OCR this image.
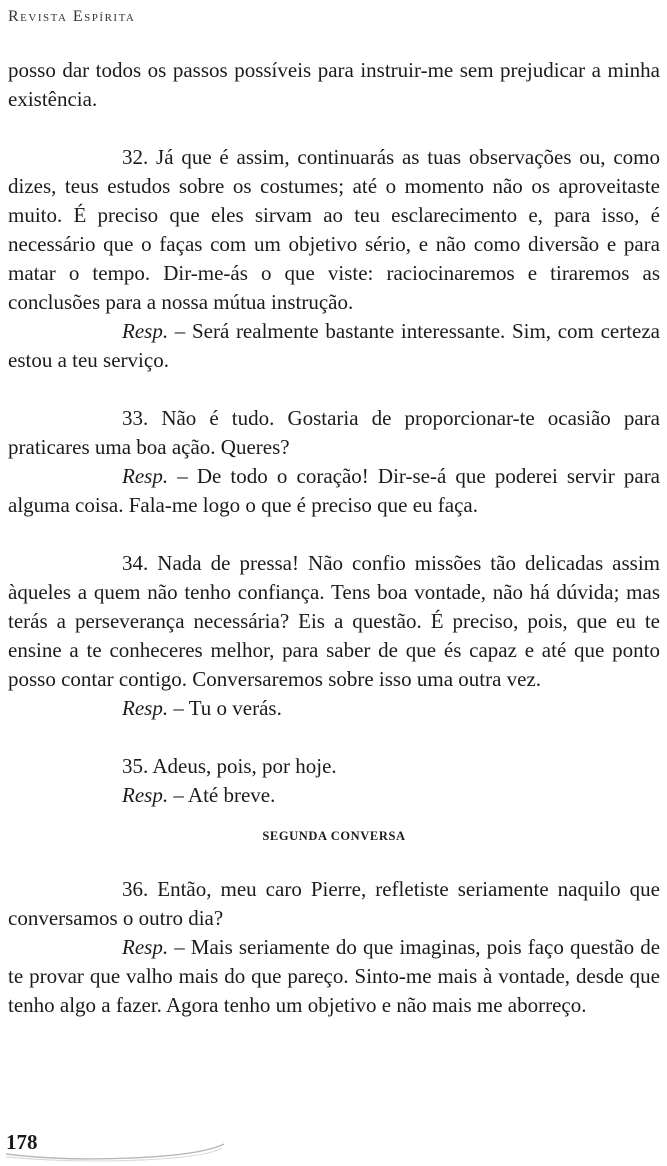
Revista Espírita

posso dar todos os passos possíveis para instruir-me sem prejudicar a minha existência.

32. Já que é assim, continuarás as tuas observações ou, como dizes, teus estudos sobre os costumes; até o momento não os aproveitaste muito. É preciso que eles sirvam ao teu esclarecimento e, para isso, é necessário que o faças com um objetivo sério, e não como diversão e para matar o tempo. Dir-me-ás o que viste: raciocinaremos e tiraremos as conclusões para a nossa mútua instrução.

Resp. – Será realmente bastante interessante. Sim, com certeza estou a teu serviço.

33. Não é tudo. Gostaria de proporcionar-te ocasião para praticares uma boa ação. Queres?

Resp. – De todo o coração! Dir-se-á que poderei servir para alguma coisa. Fala-me logo o que é preciso que eu faça.

34. Nada de pressa! Não confio missões tão delicadas assim àqueles a quem não tenho confiança. Tens boa vontade, não há dúvida; mas terás a perseverança necessária? Eis a questão. É preciso, pois, que eu te ensine a te conheceres melhor, para saber de que és capaz e até que ponto posso contar contigo. Conversaremos sobre isso uma outra vez.

Resp. – Tu o verás.

35. Adeus, pois, por hoje.

Resp. – Até breve.

SEGUNDA CONVERSA

36. Então, meu caro Pierre, refletiste seriamente naquilo que conversamos o outro dia?

Resp. – Mais seriamente do que imaginas, pois faço questão de te provar que valho mais do que pareço. Sinto-me mais à vontade, desde que tenho algo a fazer. Agora tenho um objetivo e não mais me aborreço.

178
